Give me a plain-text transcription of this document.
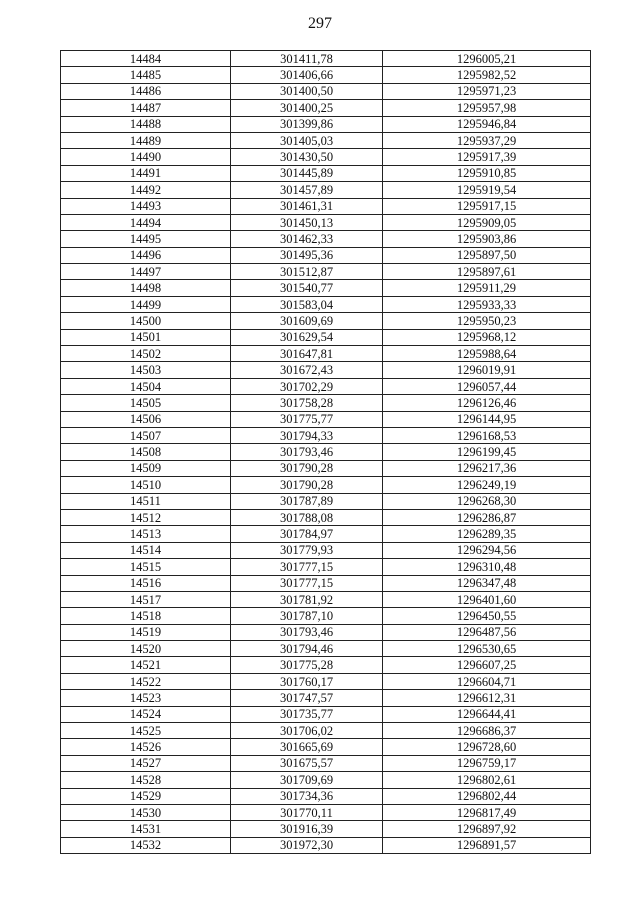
297
14484	301411,78	1296005,21
14485	301406,66	1295982,52
14486	301400,50	1295971,23
14487	301400,25	1295957,98
14488	301399,86	1295946,84
14489	301405,03	1295937,29
14490	301430,50	1295917,39
14491	301445,89	1295910,85
14492	301457,89	1295919,54
14493	301461,31	1295917,15
14494	301450,13	1295909,05
14495	301462,33	1295903,86
14496	301495,36	1295897,50
14497	301512,87	1295897,61
14498	301540,77	1295911,29
14499	301583,04	1295933,33
14500	301609,69	1295950,23
14501	301629,54	1295968,12
14502	301647,81	1295988,64
14503	301672,43	1296019,91
14504	301702,29	1296057,44
14505	301758,28	1296126,46
14506	301775,77	1296144,95
14507	301794,33	1296168,53
14508	301793,46	1296199,45
14509	301790,28	1296217,36
14510	301790,28	1296249,19
14511	301787,89	1296268,30
14512	301788,08	1296286,87
14513	301784,97	1296289,35
14514	301779,93	1296294,56
14515	301777,15	1296310,48
14516	301777,15	1296347,48
14517	301781,92	1296401,60
14518	301787,10	1296450,55
14519	301793,46	1296487,56
14520	301794,46	1296530,65
14521	301775,28	1296607,25
14522	301760,17	1296604,71
14523	301747,57	1296612,31
14524	301735,77	1296644,41
14525	301706,02	1296686,37
14526	301665,69	1296728,60
14527	301675,57	1296759,17
14528	301709,69	1296802,61
14529	301734,36	1296802,44
14530	301770,11	1296817,49
14531	301916,39	1296897,92
14532	301972,30	1296891,57
